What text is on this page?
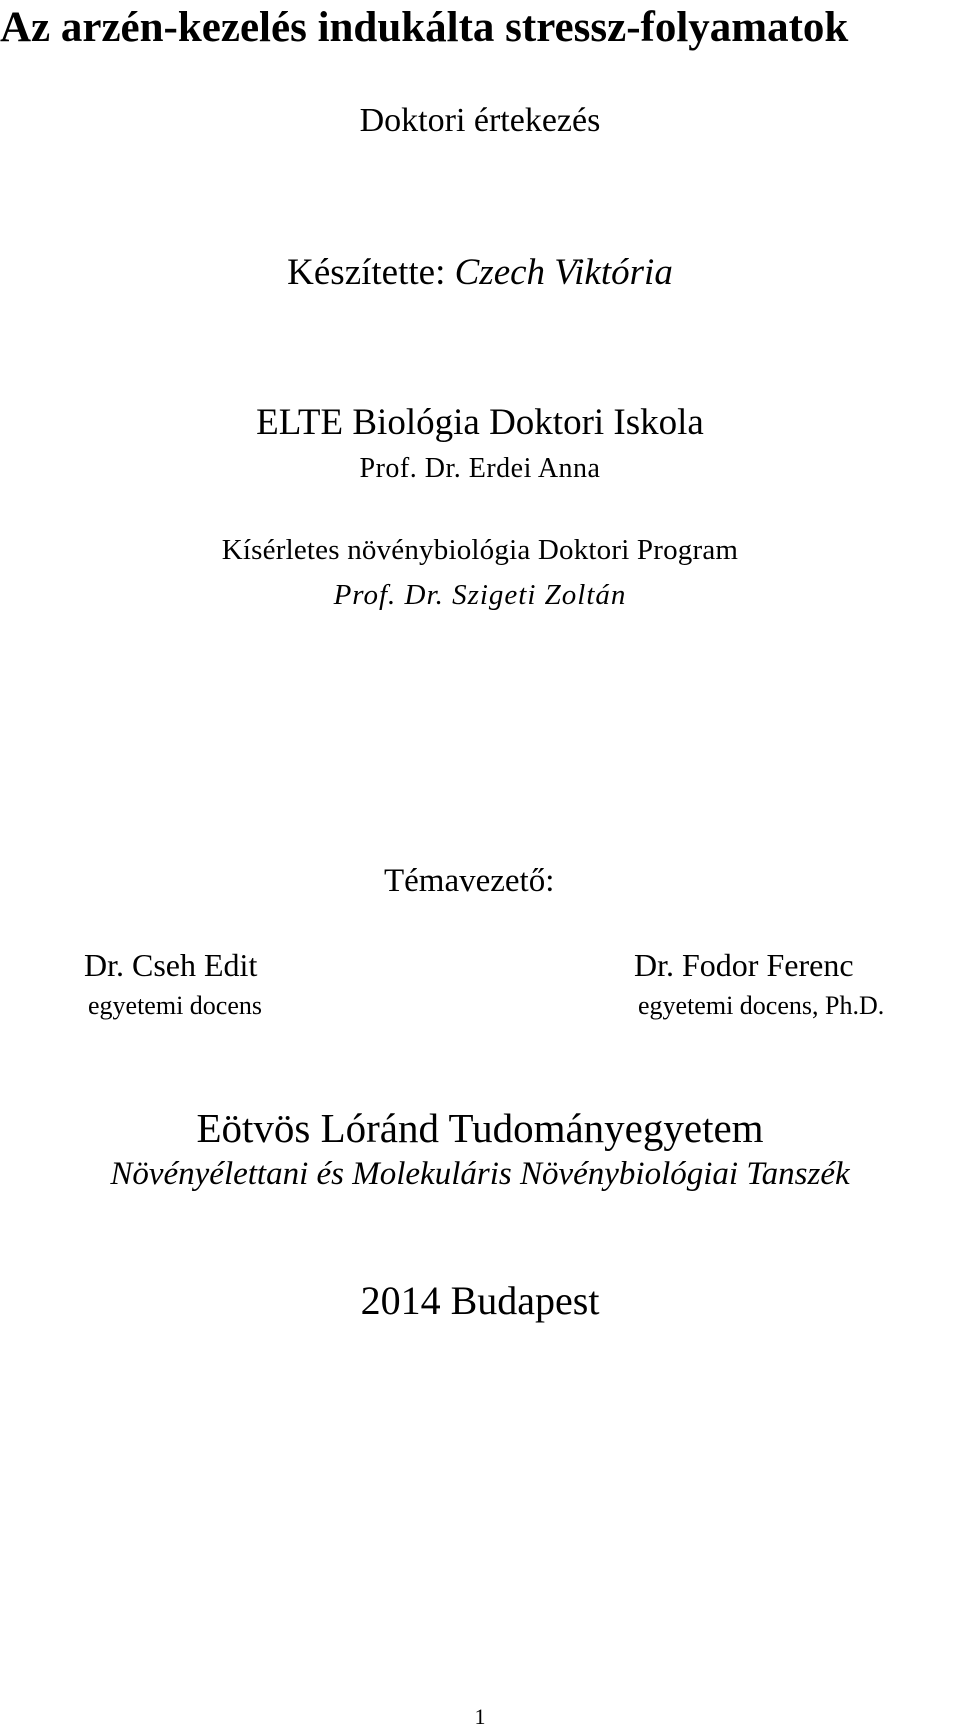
Az arzén-kezelés indukálta stressz-folyamatok
Doktori értekezés
Készítette: Czech Viktória
ELTE Biológia Doktori Iskola
Prof. Dr. Erdei Anna
Kísérletes növénybiológia Doktori Program
Prof. Dr. Szigeti Zoltán
Témavezető:
Dr. Cseh Edit
egyetemi docens
Dr. Fodor Ferenc
egyetemi docens, Ph.D.
Eötvös Lóránd Tudományegyetem
Növényélettani és Molekuláris Növénybiológiai Tanszék
2014 Budapest
1
